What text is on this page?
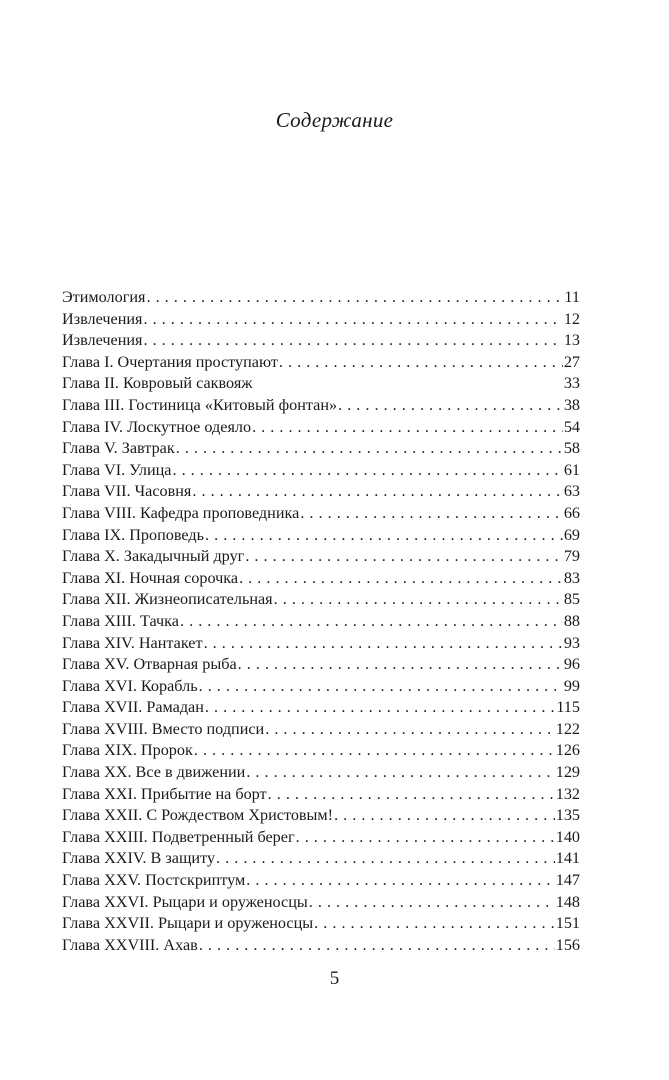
Содержание
Этимология . . .	11
Извлечения . . .	12
Извлечения . . .	13
Глава I. Очертания проступают . . .	27
Глава II. Ковровый саквояж	33
Глава III. Гостиница «Китовый фонтан» . . .	38
Глава IV. Лоскутное одеяло . . .	54
Глава V. Завтрак . . .	58
Глава VI. Улица . . .	61
Глава VII. Часовня . . .	63
Глава VIII. Кафедра проповедника . . .	66
Глава IX. Проповедь . . .	69
Глава X. Закадычный друг . . .	79
Глава XI. Ночная сорочка . . .	83
Глава XII. Жизнеописательная . . .	85
Глава XIII. Тачка . . .	88
Глава XIV. Нантакет . . .	93
Глава XV. Отварная рыба . . .	96
Глава XVI. Корабль . . .	99
Глава XVII. Рамадан . . .	115
Глава XVIII. Вместо подписи . . .	122
Глава XIX. Пророк . . .	126
Глава XX. Все в движении . . .	129
Глава XXI. Прибытие на борт . . .	132
Глава XXII. С Рождеством Христовым! . . .	135
Глава XXIII. Подветренный берег . . .	140
Глава XXIV. В защиту . . .	141
Глава XXV. Постскриптум . . .	147
Глава XXVI. Рыцари и оруженосцы . . .	148
Глава XXVII. Рыцари и оруженосцы . . .	151
Глава XXVIII. Ахав . . .	156
5
